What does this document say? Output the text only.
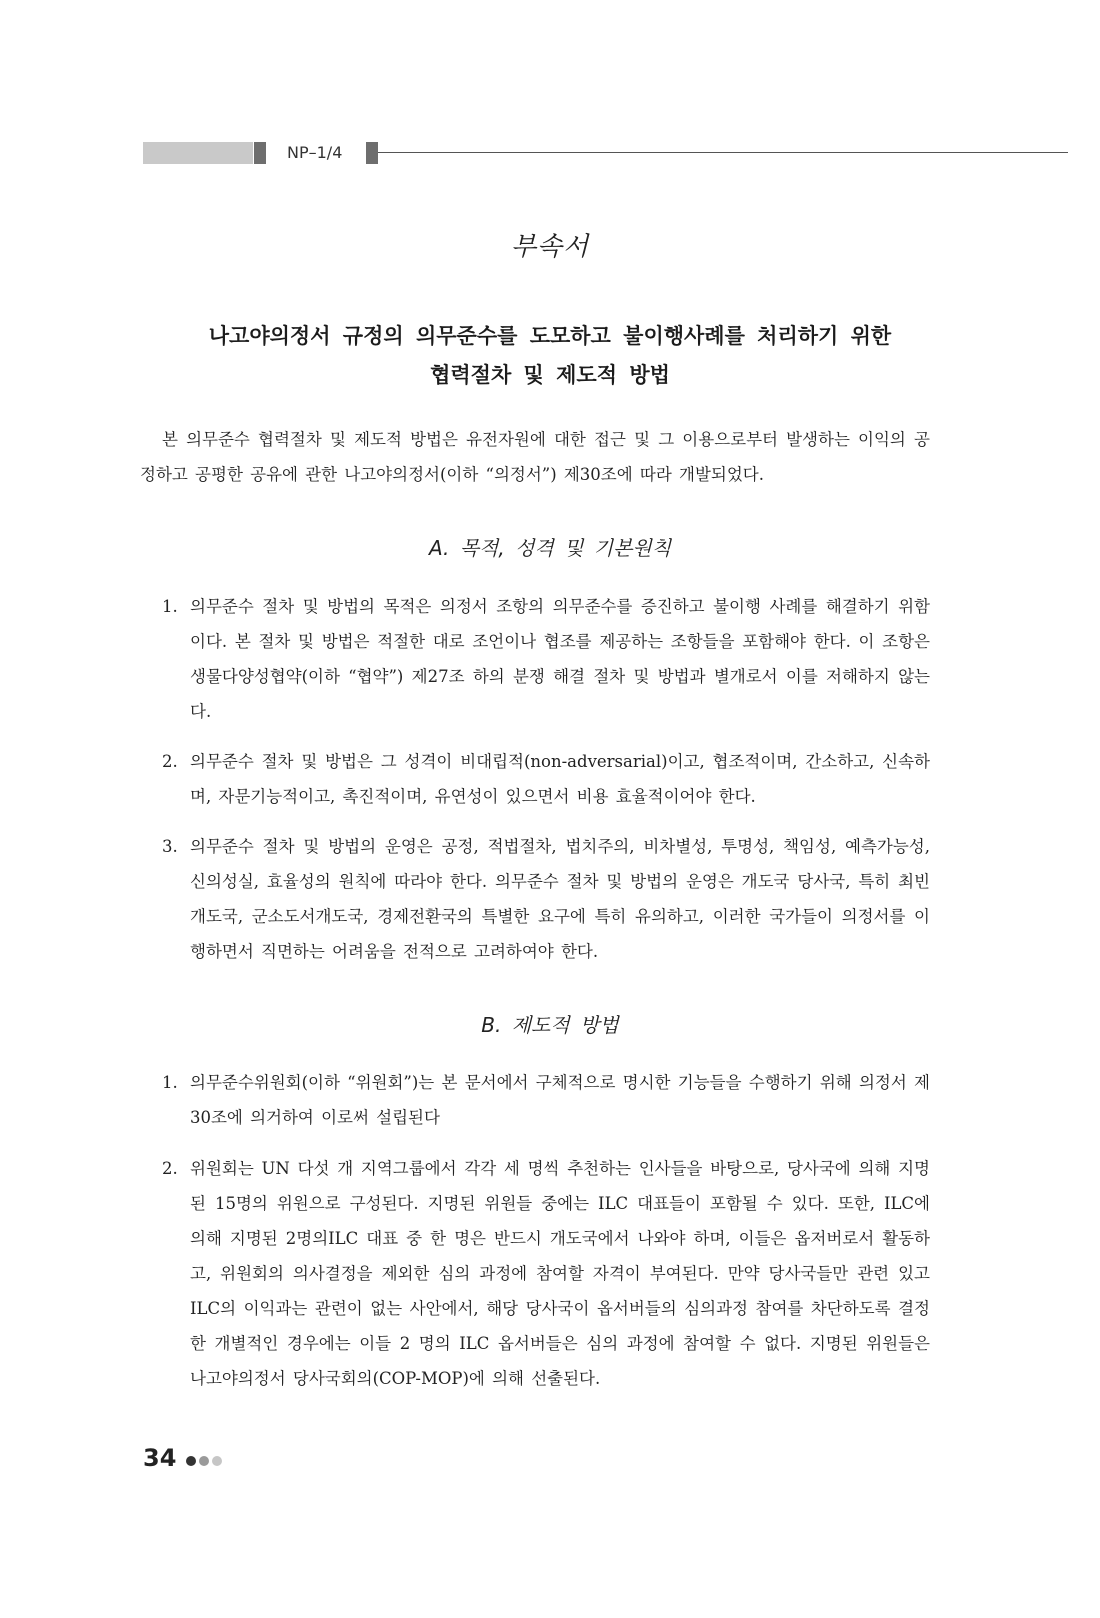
NP–1/4
부속서
나고야의정서 규정의 의무준수를 도모하고 불이행사례를 처리하기 위한
협력절차 및 제도적 방법
본 의무준수 협력절차 및 제도적 방법은 유전자원에 대한 접근 및 그 이용으로부터 발생하는 이익의 공정하고 공평한 공유에 관한 나고야의정서(이하 “의정서”) 제30조에 따라 개발되었다.
A. 목적, 성격 및 기본원칙
1. 의무준수 절차 및 방법의 목적은 의정서 조항의 의무준수를 증진하고 불이행 사례를 해결하기 위함이다. 본 절차 및 방법은 적절한 대로 조언이나 협조를 제공하는 조항들을 포함해야 한다. 이 조항은 생물다양성협약(이하 “협약”) 제27조 하의 분쟁 해결 절차 및 방법과 별개로서 이를 저해하지 않는다.
2. 의무준수 절차 및 방법은 그 성격이 비대립적(non-adversarial)이고, 협조적이며, 간소하고, 신속하며, 자문기능적이고, 촉진적이며, 유연성이 있으면서 비용 효율적이어야 한다.
3. 의무준수 절차 및 방법의 운영은 공정, 적법절차, 법치주의, 비차별성, 투명성, 책임성, 예측가능성, 신의성실, 효율성의 원칙에 따라야 한다. 의무준수 절차 및 방법의 운영은 개도국 당사국, 특히 최빈개도국, 군소도서개도국, 경제전환국의 특별한 요구에 특히 유의하고, 이러한 국가들이 의정서를 이행하면서 직면하는 어려움을 전적으로 고려하여야 한다.
B. 제도적 방법
1. 의무준수위원회(이하 “위원회”)는 본 문서에서 구체적으로 명시한 기능들을 수행하기 위해 의정서 제30조에 의거하여 이로써 설립된다
2. 위원회는 UN 다섯 개 지역그룹에서 각각 세 명씩 추천하는 인사들을 바탕으로, 당사국에 의해 지명된 15명의 위원으로 구성된다. 지명된 위원들 중에는 ILC 대표들이 포함될 수 있다. 또한, ILC에 의해 지명된 2명의ILC 대표 중 한 명은 반드시 개도국에서 나와야 하며, 이들은 옵저버로서 활동하고, 위원회의 의사결정을 제외한 심의 과정에 참여할 자격이 부여된다. 만약 당사국들만 관련 있고 ILC의 이익과는 관련이 없는 사안에서, 해당 당사국이 옵서버들의 심의과정 참여를 차단하도록 결정한 개별적인 경우에는 이들 2 명의 ILC 옵서버들은 심의 과정에 참여할 수 없다. 지명된 위원들은 나고야의정서 당사국회의(COP-MOP)에 의해 선출된다.
34
